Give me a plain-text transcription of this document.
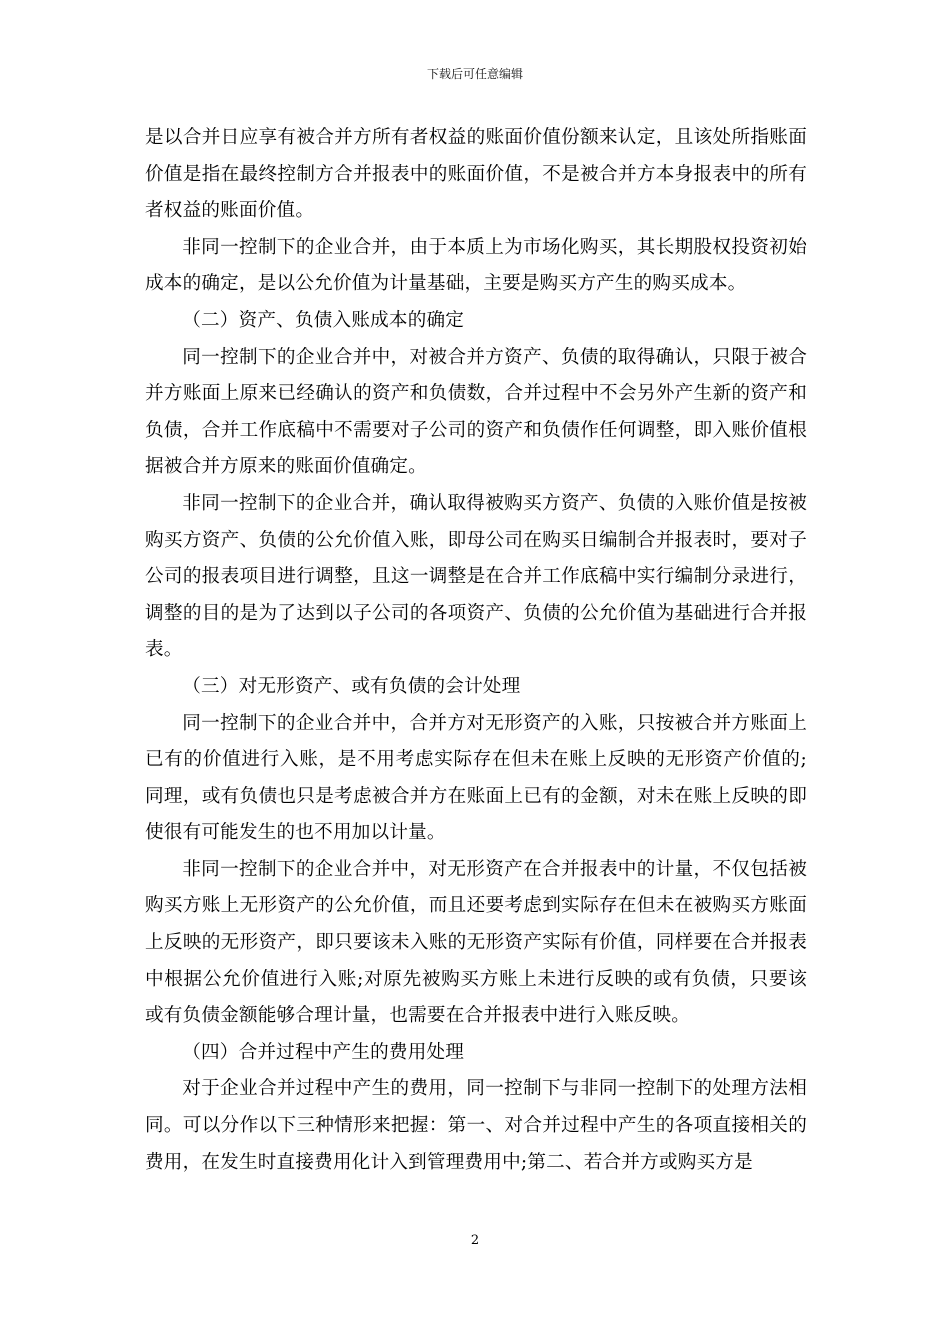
下载后可任意编辑

是以合并日应享有被合并方所有者权益的账面价值份额来认定，且该处所指账面价值是指在最终控制方合并报表中的账面价值，不是被合并方本身报表中的所有者权益的账面价值。

非同一控制下的企业合并，由于本质上为市场化购买，其长期股权投资初始成本的确定，是以公允价值为计量基础，主要是购买方产生的购买成本。

（二）资产、负债入账成本的确定

同一控制下的企业合并中，对被合并方资产、负债的取得确认，只限于被合并方账面上原来已经确认的资产和负债数，合并过程中不会另外产生新的资产和负债，合并工作底稿中不需要对子公司的资产和负债作任何调整，即入账价值根据被合并方原来的账面价值确定。

非同一控制下的企业合并，确认取得被购买方资产、负债的入账价值是按被购买方资产、负债的公允价值入账，即母公司在购买日编制合并报表时，要对子公司的报表项目进行调整，且这一调整是在合并工作底稿中实行编制分录进行，调整的目的是为了达到以子公司的各项资产、负债的公允价值为基础进行合并报表。

（三）对无形资产、或有负债的会计处理

同一控制下的企业合并中，合并方对无形资产的入账，只按被合并方账面上已有的价值进行入账，是不用考虑实际存在但未在账上反映的无形资产价值的;同理，或有负债也只是考虑被合并方在账面上已有的金额，对未在账上反映的即使很有可能发生的也不用加以计量。

非同一控制下的企业合并中，对无形资产在合并报表中的计量，不仅包括被购买方账上无形资产的公允价值，而且还要考虑到实际存在但未在被购买方账面上反映的无形资产，即只要该未入账的无形资产实际有价值，同样要在合并报表中根据公允价值进行入账;对原先被购买方账上未进行反映的或有负债，只要该或有负债金额能够合理计量，也需要在合并报表中进行入账反映。

（四）合并过程中产生的费用处理

对于企业合并过程中产生的费用，同一控制下与非同一控制下的处理方法相同。可以分作以下三种情形来把握：第一、对合并过程中产生的各项直接相关的费用，在发生时直接费用化计入到管理费用中;第二、若合并方或购买方是

2
